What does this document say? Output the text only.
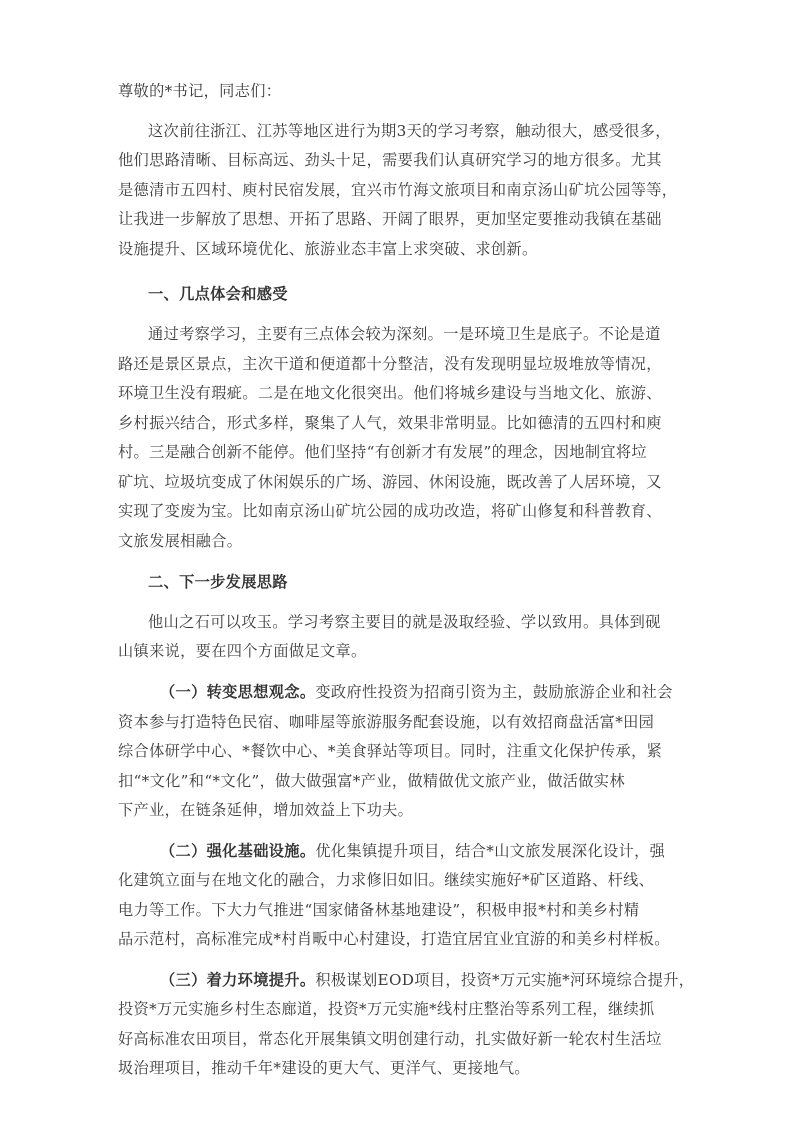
尊敬的*书记，同志们：
这次前往浙江、江苏等地区进行为期3天的学习考察，触动很大，感受很多，
他们思路清晰、目标高远、劲头十足，需要我们认真研究学习的地方很多。尤其
是德清市五四村、庾村民宿发展，宜兴市竹海文旅项目和南京汤山矿坑公园等等，
让我进一步解放了思想、开拓了思路、开阔了眼界，更加坚定要推动我镇在基础
设施提升、区域环境优化、旅游业态丰富上求突破、求创新。
一、几点体会和感受
通过考察学习，主要有三点体会较为深刻。一是环境卫生是底子。不论是道
路还是景区景点，主次干道和便道都十分整洁，没有发现明显垃圾堆放等情况，
环境卫生没有瑕疵。二是在地文化很突出。他们将城乡建设与当地文化、旅游、
乡村振兴结合，形式多样，聚集了人气，效果非常明显。比如德清的五四村和庾
村。三是融合创新不能停。他们坚持“有创新才有发展”的理念，因地制宜将垃
矿坑、垃圾坑变成了休闲娱乐的广场、游园、休闲设施，既改善了人居环境，又
实现了变废为宝。比如南京汤山矿坑公园的成功改造，将矿山修复和科普教育、
文旅发展相融合。
二、下一步发展思路
他山之石可以攻玉。学习考察主要目的就是汲取经验、学以致用。具体到砚
山镇来说，要在四个方面做足文章。
（一）转变思想观念。变政府性投资为招商引资为主，鼓励旅游企业和社会
资本参与打造特色民宿、咖啡屋等旅游服务配套设施，以有效招商盘活富*田园
综合体研学中心、*餐饮中心、*美食驿站等项目。同时，注重文化保护传承，紧
扣“*文化”和“*文化”，做大做强富*产业，做精做优文旅产业，做活做实林
下产业，在链条延伸，增加效益上下功夫。
（二）强化基础设施。优化集镇提升项目，结合*山文旅发展深化设计，强
化建筑立面与在地文化的融合，力求修旧如旧。继续实施好*矿区道路、杆线、
电力等工作。下大力气推进“国家储备林基地建设”，积极申报*村和美乡村精
品示范村，高标准完成*村肖畈中心村建设，打造宜居宜业宜游的和美乡村样板。
（三）着力环境提升。积极谋划EOD项目，投资*万元实施*河环境综合提升，
投资*万元实施乡村生态廊道，投资*万元实施*线村庄整治等系列工程，继续抓
好高标准农田项目，常态化开展集镇文明创建行动，扎实做好新一轮农村生活垃
圾治理项目，推动千年*建设的更大气、更洋气、更接地气。
